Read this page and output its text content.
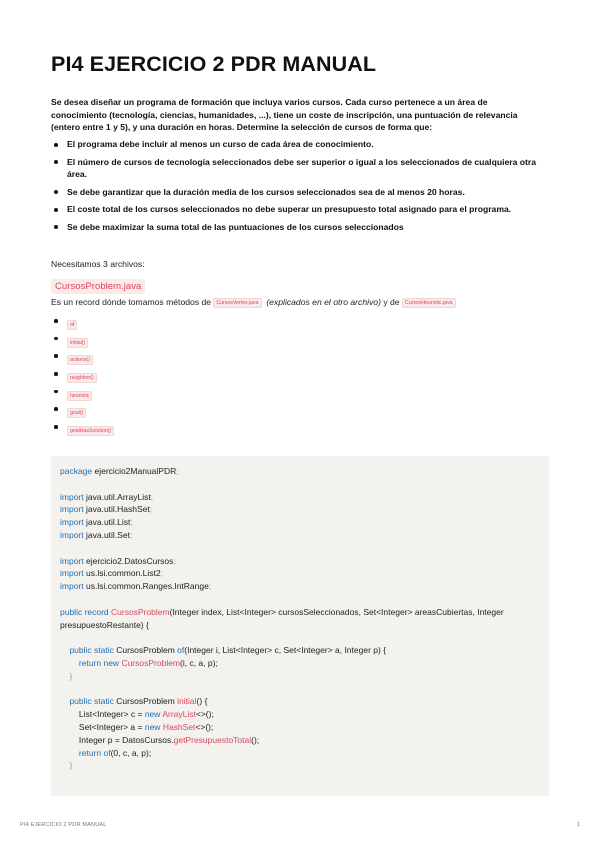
PI4 EJERCICIO 2 PDR MANUAL

Se desea diseñar un programa de formación que incluya varios cursos. Cada curso pertenece a un área de conocimiento (tecnología, ciencias, humanidades, ...), tiene un coste de inscripción, una puntuación de relevancia (entero entre 1 y 5), y una duración en horas. Determine la selección de cursos de forma que:

El programa debe incluir al menos un curso de cada área de conocimiento.
El número de cursos de tecnología seleccionados debe ser superior o igual a los seleccionados de cualquiera otra área.
Se debe garantizar que la duración media de los cursos seleccionados sea de al menos 20 horas.
El coste total de los cursos seleccionados no debe superar un presupuesto total asignado para el programa.
Se debe maximizar la suma total de las puntuaciones de los cursos seleccionados
Necesitamos 3 archivos:
CursosProblem.java
Es un record dónde tomamos métodos de CursosVertex.java (explicados en el otro archivo) y de CursosHeuristic.java
of
initial()
actions()
neighbor()
heuristic
goal()
goalHasSolution()
package ejercicio2ManualPDR;

import java.util.ArrayList;
import java.util.HashSet;
import java.util.List;
import java.util.Set;

import ejercicio2.DatosCursos;
import us.lsi.common.List2;
import us.lsi.common.Ranges.IntRange;

public record CursosProblem(Integer index, List<Integer> cursosSeleccionados, Set<Integer> areasCubiertas, Integer presupuestoRestante) {

public static CursosProblem of(Integer i, List<Integer> c, Set<Integer> a, Integer p) {
return new CursosProblem(i, c, a, p);
}

public static CursosProblem initial() {
List<Integer> c = new ArrayList<>();
Set<Integer> a = new HashSet<>();
Integer p = DatosCursos.getPresupuestoTotal();
return of(0, c, a, p);
}
PI4 EJERCICIO 2 PDR MANUAL	1
